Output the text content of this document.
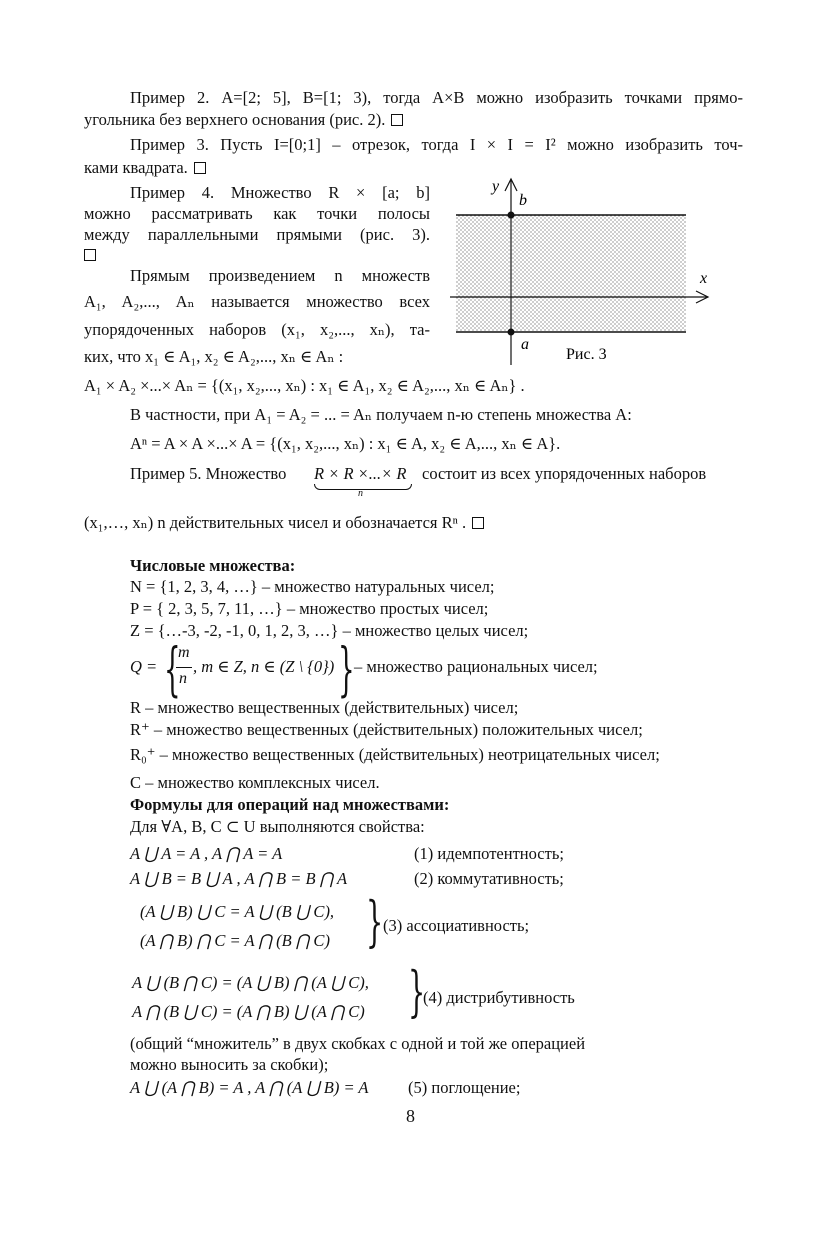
Пример 2. A=[2; 5], B=[1; 3), тогда A×B можно изобразить точками прямо-
угольника без верхнего основания (рис. 2).
Пример 3. Пусть I=[0;1] – отрезок, тогда I × I = I² можно изобразить точ-
ками квадрата.
Пример 4. Множество R × [a; b]
можно рассматривать как точки полосы
между параллельными прямыми (рис. 3).
Прямым произведением n множеств
A₁, A₂,..., Aₙ называется множество всех
упорядоченных наборов (x₁, x₂,..., xₙ), та-
ких, что x₁ ∈ A₁, x₂ ∈ A₂,..., xₙ ∈ Aₙ :
A₁ × A₂ ×...× Aₙ = {(x₁, x₂,..., xₙ) : x₁ ∈ A₁, x₂ ∈ A₂,..., xₙ ∈ Aₙ} .
y
b
x
a
Рис. 3
В частности, при A₁ = A₂ = ... = Aₙ получаем n-ю степень множества A:
Aⁿ = A × A ×...× A = {(x₁, x₂,..., xₙ) : x₁ ∈ A, x₂ ∈ A,..., xₙ ∈ A}.
Пример 5. Множество R × R ×...× R
n
состоит из всех упорядоченных наборов
(x₁,…, xₙ) n действительных чисел и обозначается Rⁿ .
Числовые множества:
N = {1, 2, 3, 4, …} – множество натуральных чисел;
P = { 2, 3, 5, 7, 11, …} – множество простых чисел;
Z = {…-3, -2, -1, 0, 1, 2, 3, …} – множество целых чисел;
Q = {
m
n
, m ∈ Z, n ∈ (Z \ {0}) } – множество рациональных чисел;
R – множество вещественных (действительных) чисел;
R⁺ – множество вещественных (действительных) положительных чисел;
R₀⁺ – множество вещественных (действительных) неотрицательных чисел;
C – множество комплексных чисел.
Формулы для операций над множествами:
Для ∀A, B, C ⊂ U выполняются свойства:
A ⋃ A = A , A ⋂ A = A	(1) идемпотентность;
A ⋃ B = B ⋃ A , A ⋂ B = B ⋂ A	(2) коммутативность;
(A ⋃ B) ⋃ C = A ⋃ (B ⋃ C),
(A ⋂ B) ⋂ C = A ⋂ (B ⋂ C) } (3) ассоциативность;
A ⋃ (B ⋂ C) = (A ⋃ B) ⋂ (A ⋃ C),
A ⋂ (B ⋃ C) = (A ⋂ B) ⋃ (A ⋂ C) }
(4) дистрибутивность
(общий “множитель” в двух скобках с одной и той же операцией
можно выносить за скобки);
A ⋃ (A ⋂ B) = A , A ⋂ (A ⋃ B) = A (5) поглощение;
8
